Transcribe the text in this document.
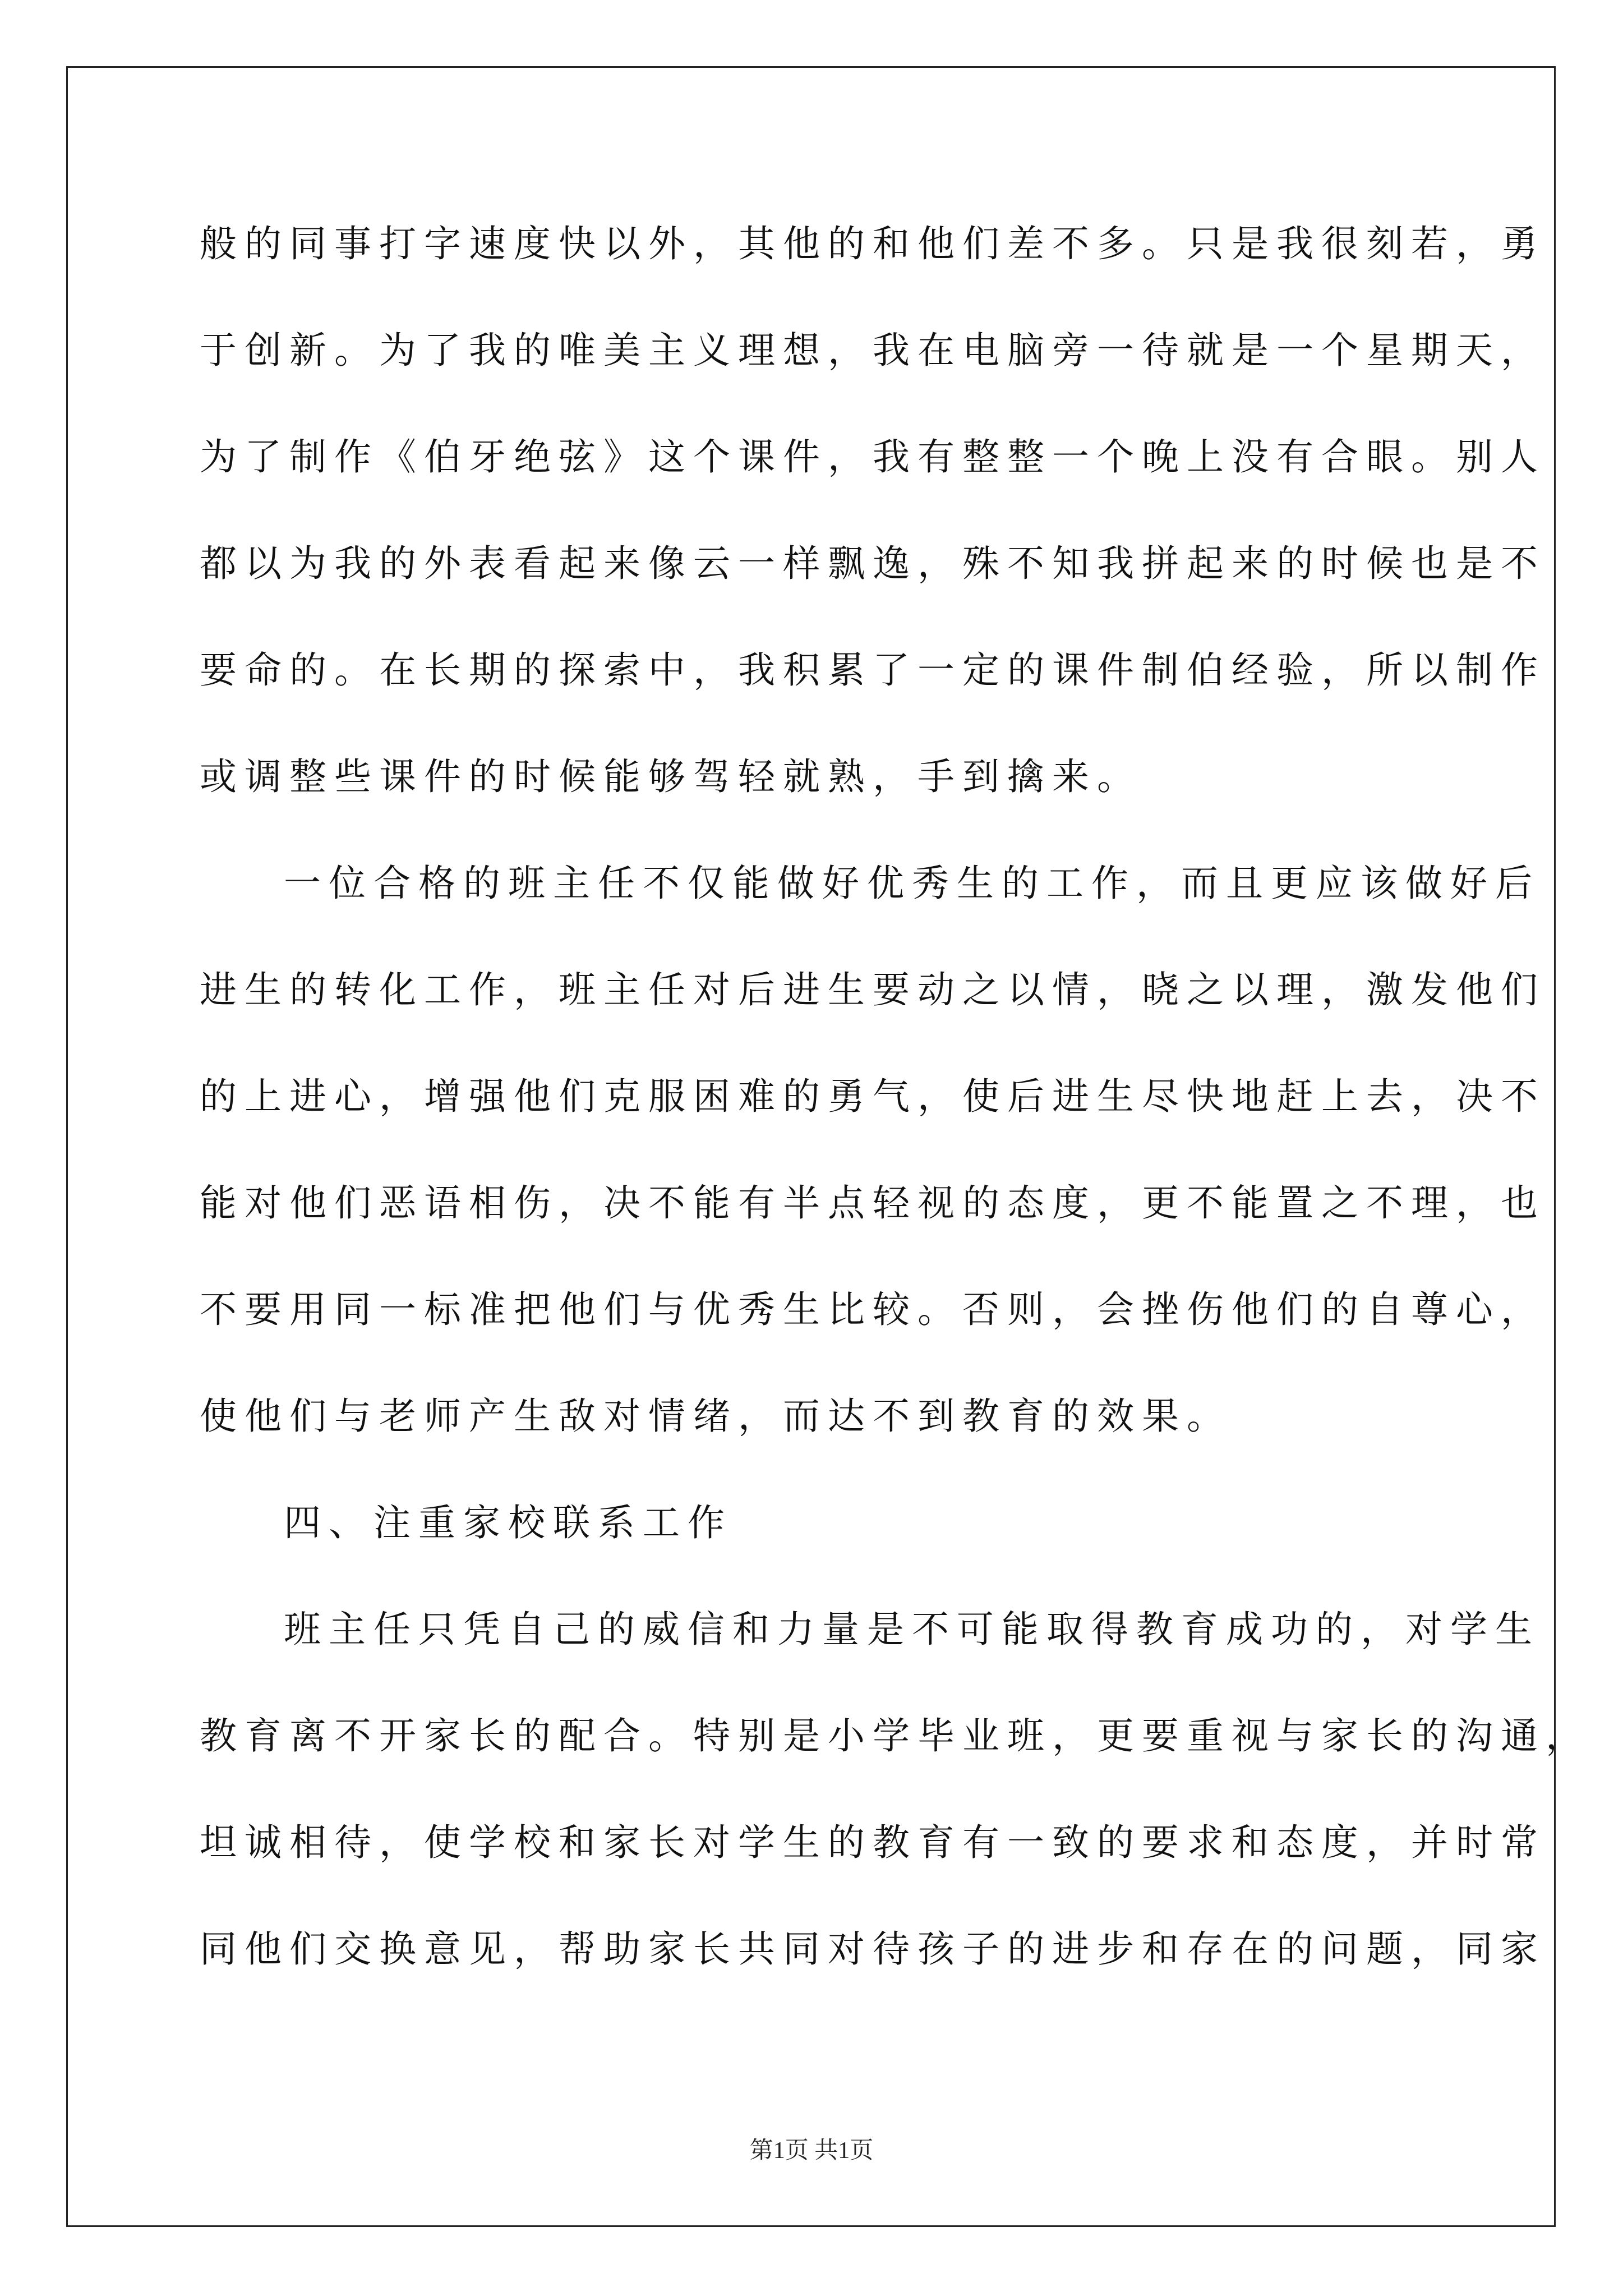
般的同事打字速度快以外，其他的和他们差不多。只是我很刻若，勇
于创新。为了我的唯美主义理想，我在电脑旁一待就是一个星期天，
为了制作《伯牙绝弦》这个课件，我有整整一个晚上没有合眼。别人
都以为我的外表看起来像云一样飘逸，殊不知我拼起来的时候也是不
要命的。在长期的探索中，我积累了一定的课件制伯经验，所以制作
或调整些课件的时候能够驾轻就熟，手到擒来。
一位合格的班主任不仅能做好优秀生的工作，而且更应该做好后
进生的转化工作，班主任对后进生要动之以情，晓之以理，激发他们
的上进心，增强他们克服困难的勇气，使后进生尽快地赶上去，决不
能对他们恶语相伤，决不能有半点轻视的态度，更不能置之不理，也
不要用同一标准把他们与优秀生比较。否则，会挫伤他们的自尊心，
使他们与老师产生敌对情绪，而达不到教育的效果。
四、注重家校联系工作
班主任只凭自己的威信和力量是不可能取得教育成功的，对学生
教育离不开家长的配合。特别是小学毕业班，更要重视与家长的沟通，
坦诚相待，使学校和家长对学生的教育有一致的要求和态度，并时常
同他们交换意见，帮助家长共同对待孩子的进步和存在的问题，同家
第1页 共1页
